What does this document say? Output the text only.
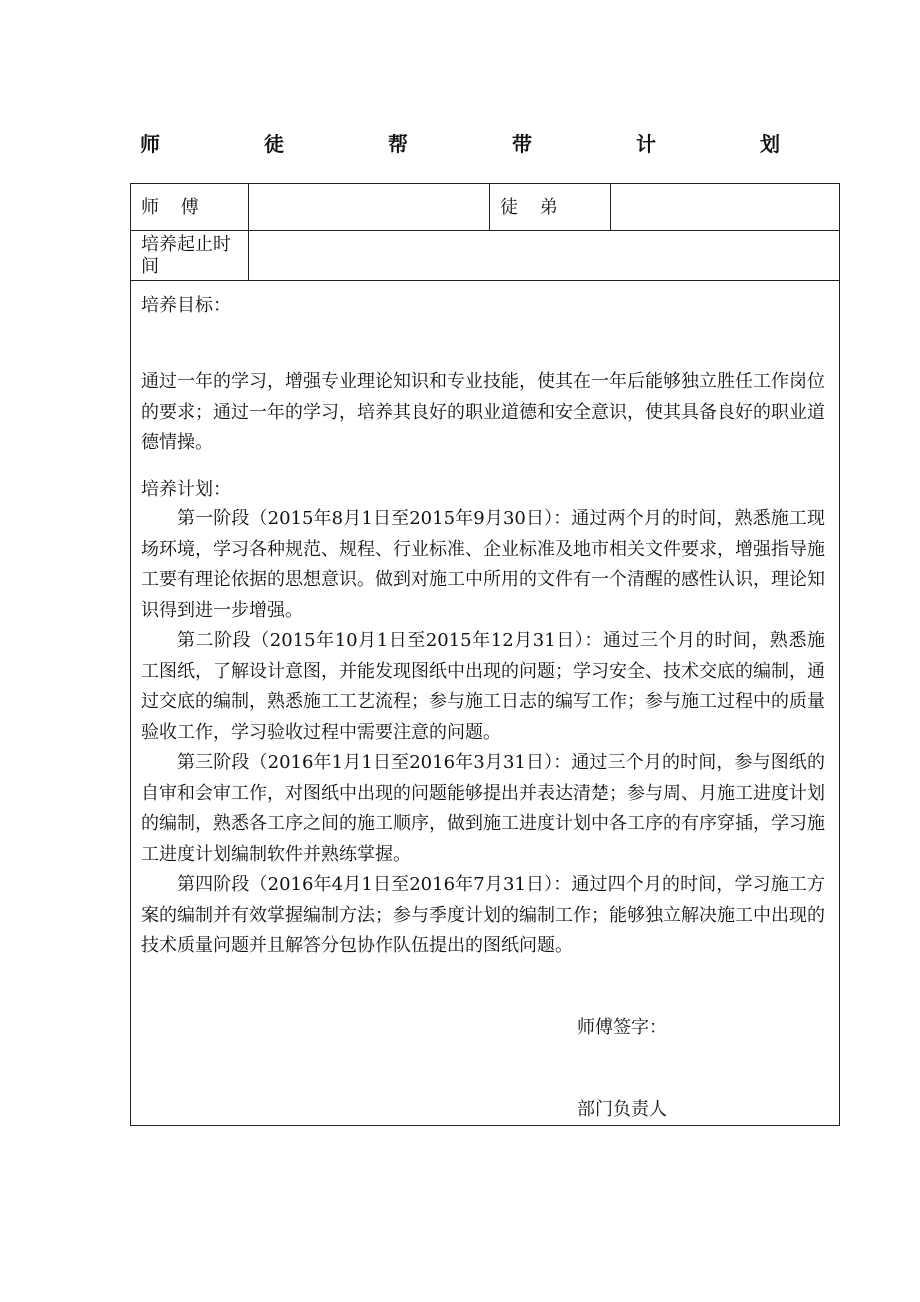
师	徒	帮	带	计	划
师 傅	徒 弟
培养起止时间
培养目标：
通过一年的学习，增强专业理论知识和专业技能，使其在一年后能够独立胜任工作岗位的要求；通过一年的学习，培养其良好的职业道德和安全意识，使其具备良好的职业道德情操。
培养计划：
第一阶段（2015年8月1日至2015年9月30日）：通过两个月的时间，熟悉施工现场环境，学习各种规范、规程、行业标准、企业标准及地市相关文件要求，增强指导施工要有理论依据的思想意识。做到对施工中所用的文件有一个清醒的感性认识，理论知识得到进一步增强。
第二阶段（2015年10月1日至2015年12月31日）：通过三个月的时间，熟悉施工图纸，了解设计意图，并能发现图纸中出现的问题；学习安全、技术交底的编制，通过交底的编制，熟悉施工工艺流程；参与施工日志的编写工作；参与施工过程中的质量验收工作，学习验收过程中需要注意的问题。
第三阶段（2016年1月1日至2016年3月31日）：通过三个月的时间，参与图纸的自审和会审工作，对图纸中出现的问题能够提出并表达清楚；参与周、月施工进度计划的编制，熟悉各工序之间的施工顺序，做到施工进度计划中各工序的有序穿插，学习施工进度计划编制软件并熟练掌握。
第四阶段（2016年4月1日至2016年7月31日）：通过四个月的时间，学习施工方案的编制并有效掌握编制方法；参与季度计划的编制工作；能够独立解决施工中出现的技术质量问题并且解答分包协作队伍提出的图纸问题。
师傅签字：
部门负责人
